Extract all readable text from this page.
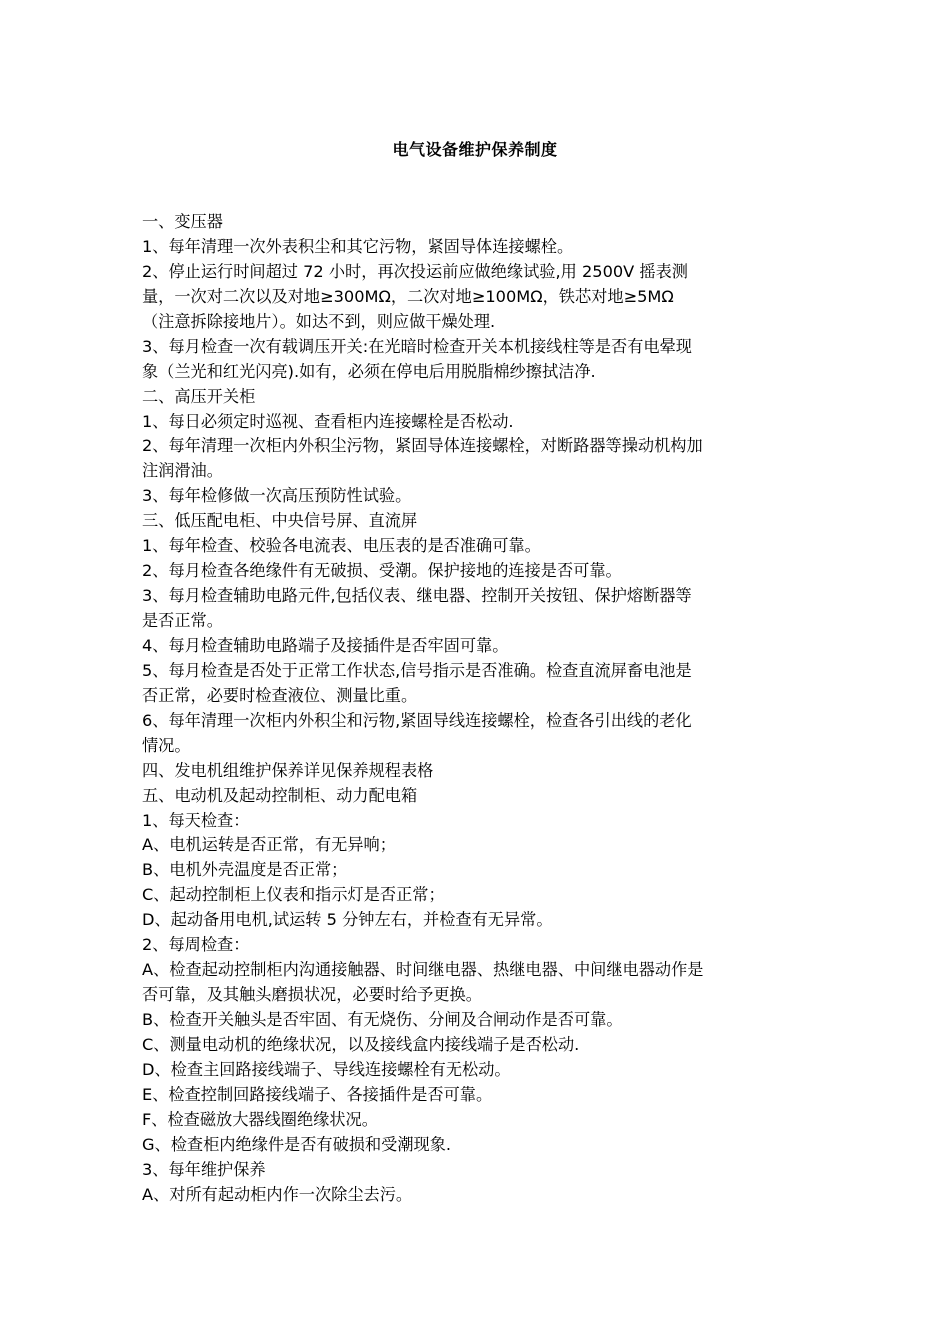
电气设备维护保养制度
一、变压器
1、每年清理一次外表积尘和其它污物，紧固导体连接螺栓。
2、停止运行时间超过 72 小时，再次投运前应做绝缘试验,用 2500V 摇表测
量，一次对二次以及对地≥300MΩ，二次对地≥100MΩ，铁芯对地≥5MΩ
（注意拆除接地片）。如达不到，则应做干燥处理.
3、每月检查一次有载调压开关:在光暗时检查开关本机接线柱等是否有电晕现
象（兰光和红光闪亮).如有，必须在停电后用脱脂棉纱擦拭洁净.
二、高压开关柜
1、每日必须定时巡视、查看柜内连接螺栓是否松动.
2、每年清理一次柜内外积尘污物，紧固导体连接螺栓，对断路器等操动机构加
注润滑油。
3、每年检修做一次高压预防性试验。
三、低压配电柜、中央信号屏、直流屏
1、每年检查、校验各电流表、电压表的是否准确可靠。
2、每月检查各绝缘件有无破损、受潮。保护接地的连接是否可靠。
3、每月检查辅助电路元件,包括仪表、继电器、控制开关按钮、保护熔断器等
是否正常。
4、每月检查辅助电路端子及接插件是否牢固可靠。
5、每月检查是否处于正常工作状态,信号指示是否准确。检查直流屏畜电池是
否正常，必要时检查液位、测量比重。
6、每年清理一次柜内外积尘和污物,紧固导线连接螺栓，检查各引出线的老化
情况。
四、发电机组维护保养详见保养规程表格
五、电动机及起动控制柜、动力配电箱
1、每天检查：
A、电机运转是否正常，有无异响；
B、电机外壳温度是否正常；
C、起动控制柜上仪表和指示灯是否正常；
D、起动备用电机,试运转 5 分钟左右，并检查有无异常。
2、每周检查：
A、检查起动控制柜内沟通接触器、时间继电器、热继电器、中间继电器动作是
否可靠，及其触头磨损状况，必要时给予更换。
B、检查开关触头是否牢固、有无烧伤、分闸及合闸动作是否可靠。
C、测量电动机的绝缘状况，以及接线盒内接线端子是否松动.
D、检查主回路接线端子、导线连接螺栓有无松动。
E、检查控制回路接线端子、各接插件是否可靠。
F、检查磁放大器线圈绝缘状况。
G、检查柜内绝缘件是否有破损和受潮现象.
3、每年维护保养
A、对所有起动柜内作一次除尘去污。
